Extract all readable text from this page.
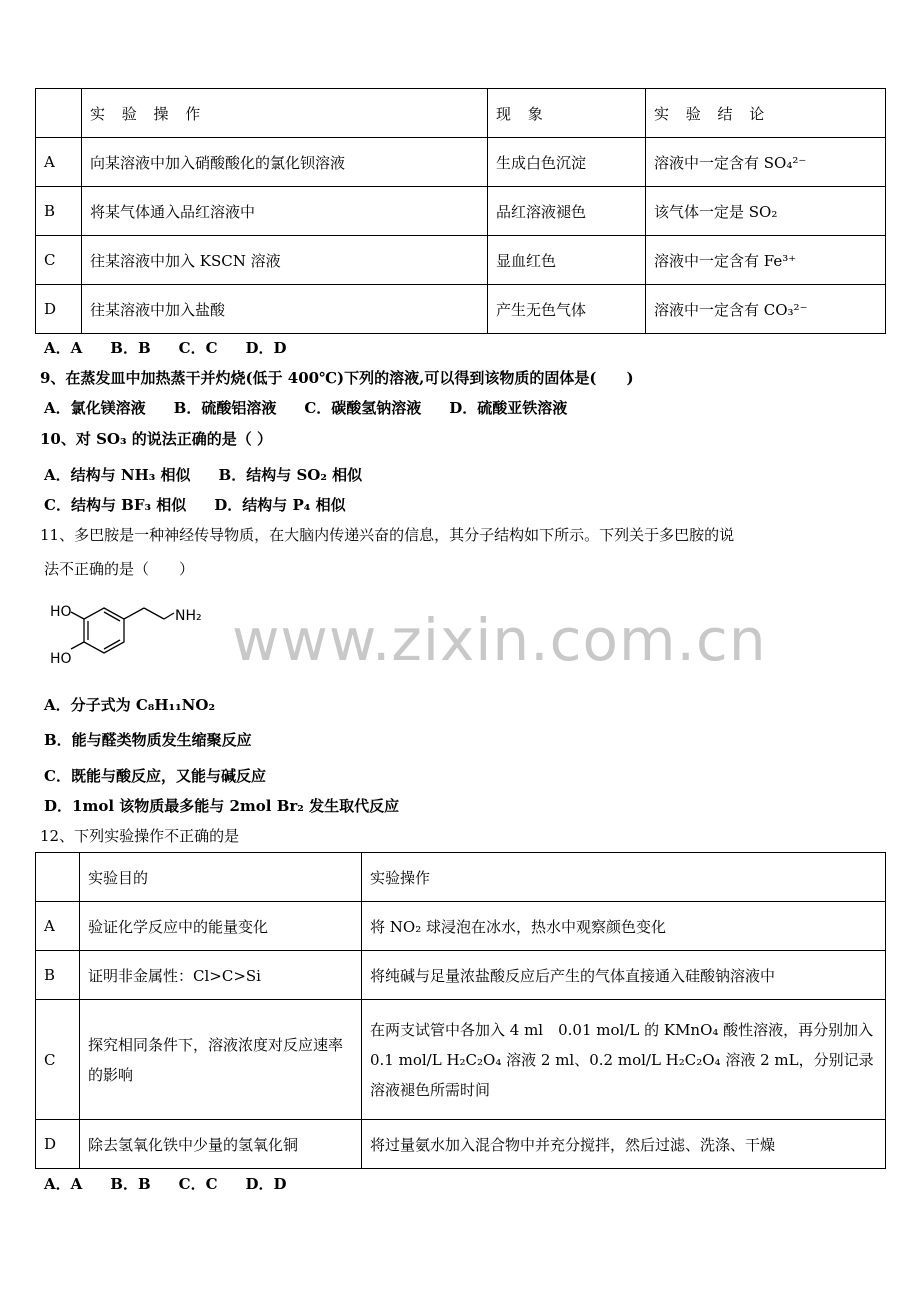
	实 验 操 作	现 象	实 验 结 论
A	向某溶液中加入硝酸酸化的氯化钡溶液	生成白色沉淀	溶液中一定含有 SO₄²⁻
B	将某气体通入品红溶液中	品红溶液褪色	该气体一定是 SO₂
C	往某溶液中加入 KSCN 溶液	显血红色	溶液中一定含有 Fe³⁺
D	往某溶液中加入盐酸	产生无色气体	溶液中一定含有 CO₃²⁻
A．A B．B C．C D．D
9、在蒸发皿中加热蒸干并灼烧(低于 400℃)下列的溶液,可以得到该物质的固体是(　　)
A．氯化镁溶液 B．硫酸铝溶液 C．碳酸氢钠溶液 D．硫酸亚铁溶液
10、对 SO₃ 的说法正确的是（ ）
A．结构与 NH₃ 相似 B．结构与 SO₂ 相似
C．结构与 BF₃ 相似 D．结构与 P₄ 相似
11、多巴胺是一种神经传导物质，在大脑内传递兴奋的信息，其分子结构如下所示。下列关于多巴胺的说
法不正确的是（　　）
HO
HO
NH₂ www.zixin.com.cn
A．分子式为 C₈H₁₁NO₂
B．能与醛类物质发生缩聚反应
C．既能与酸反应，又能与碱反应
D．1mol 该物质最多能与 2mol Br₂ 发生取代反应
12、下列实验操作不正确的是
	实验目的	实验操作
A	验证化学反应中的能量变化	将 NO₂ 球浸泡在冰水，热水中观察颜色变化
B	证明非金属性：Cl>C>Si	将纯碱与足量浓盐酸反应后产生的气体直接通入硅酸钠溶液中
C	探究相同条件下，溶液浓度对反应速率的影响	在两支试管中各加入 4 ml　0.01 mol/L 的 KMnO₄ 酸性溶液，再分别加入 0.1 mol/L H₂C₂O₄ 溶液 2 ml、0.2 mol/L H₂C₂O₄ 溶液 2 mL，分别记录溶液褪色所需时间
D	除去氢氧化铁中少量的氢氧化铜	将过量氨水加入混合物中并充分搅拌，然后过滤、洗涤、干燥
A．A B．B C．C D．D
